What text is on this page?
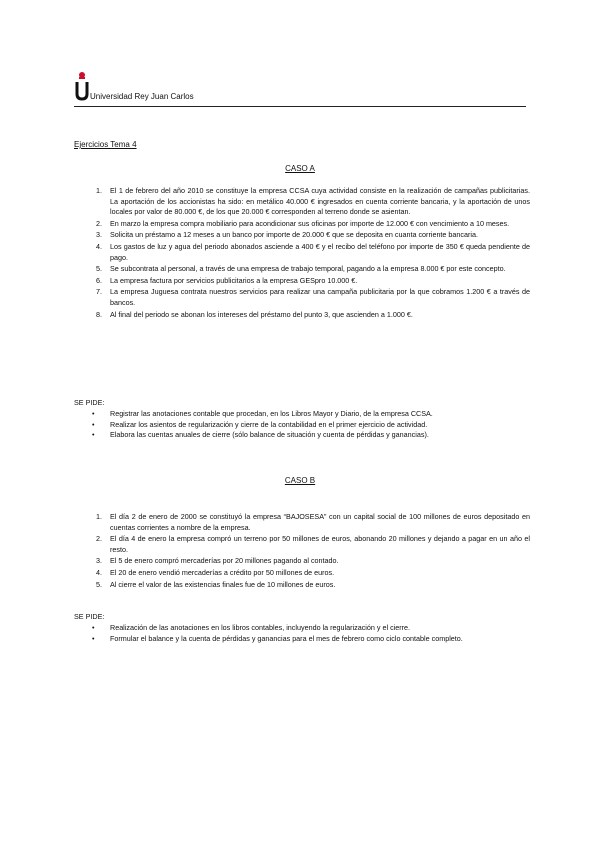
Universidad Rey Juan Carlos
Ejercicios Tema 4
CASO A
1. El 1 de febrero del año 2010 se constituye la empresa CCSA cuya actividad consiste en la realización de campañas publicitarias. La aportación de los accionistas ha sido: en metálico 40.000 € ingresados en cuenta corriente bancaria, y la aportación de unos locales por valor de 80.000 €, de los que 20.000 € corresponden al terreno donde se asientan.
2. En marzo la empresa compra mobiliario para acondicionar sus oficinas por importe de 12.000 € con vencimiento a 10 meses.
3. Solicita un préstamo a 12 meses a un banco por importe de 20.000 € que se deposita en cuanta corriente bancaria.
4. Los gastos de luz y agua del periodo abonados asciende a 400 € y el recibo del teléfono por importe de 350 € queda pendiente de pago.
5. Se subcontrata al personal, a través de una empresa de trabajo temporal, pagando a la empresa 8.000 € por este concepto.
6. La empresa factura por servicios publicitarios a la empresa GESpro 10.000 €.
7. La empresa Juguesa contrata nuestros servicios para realizar una campaña publicitaria por la que cobramos 1.200 € a través de bancos.
8. Al final del periodo se abonan los intereses del préstamo del punto 3, que ascienden a 1.000 €.
SE PIDE:
• Registrar las anotaciones contable que procedan, en los Libros Mayor y Diario, de la empresa CCSA.
• Realizar los asientos de regularización y cierre de la contabilidad en el primer ejercicio de actividad.
• Elabora las cuentas anuales de cierre (sólo balance de situación y cuenta de pérdidas y ganancias).
CASO B
1. El día 2 de enero de 2000 se constituyó la empresa “BAJOSESA” con un capital social de 100 millones de euros depositado en cuentas corrientes a nombre de la empresa.
2. El día 4 de enero la empresa compró un terreno por 50 millones de euros, abonando 20 millones y dejando a pagar en un año el resto.
3. El 5 de enero compró mercaderías por 20 millones pagando al contado.
4. El 20 de enero vendió mercaderías a crédito por 50 millones de euros.
5. Al cierre el valor de las existencias finales fue de 10 millones de euros.
SE PIDE:
• Realización de las anotaciones en los libros contables, incluyendo la regularización y el cierre.
• Formular el balance y la cuenta de pérdidas y ganancias para el mes de febrero como ciclo contable completo.
